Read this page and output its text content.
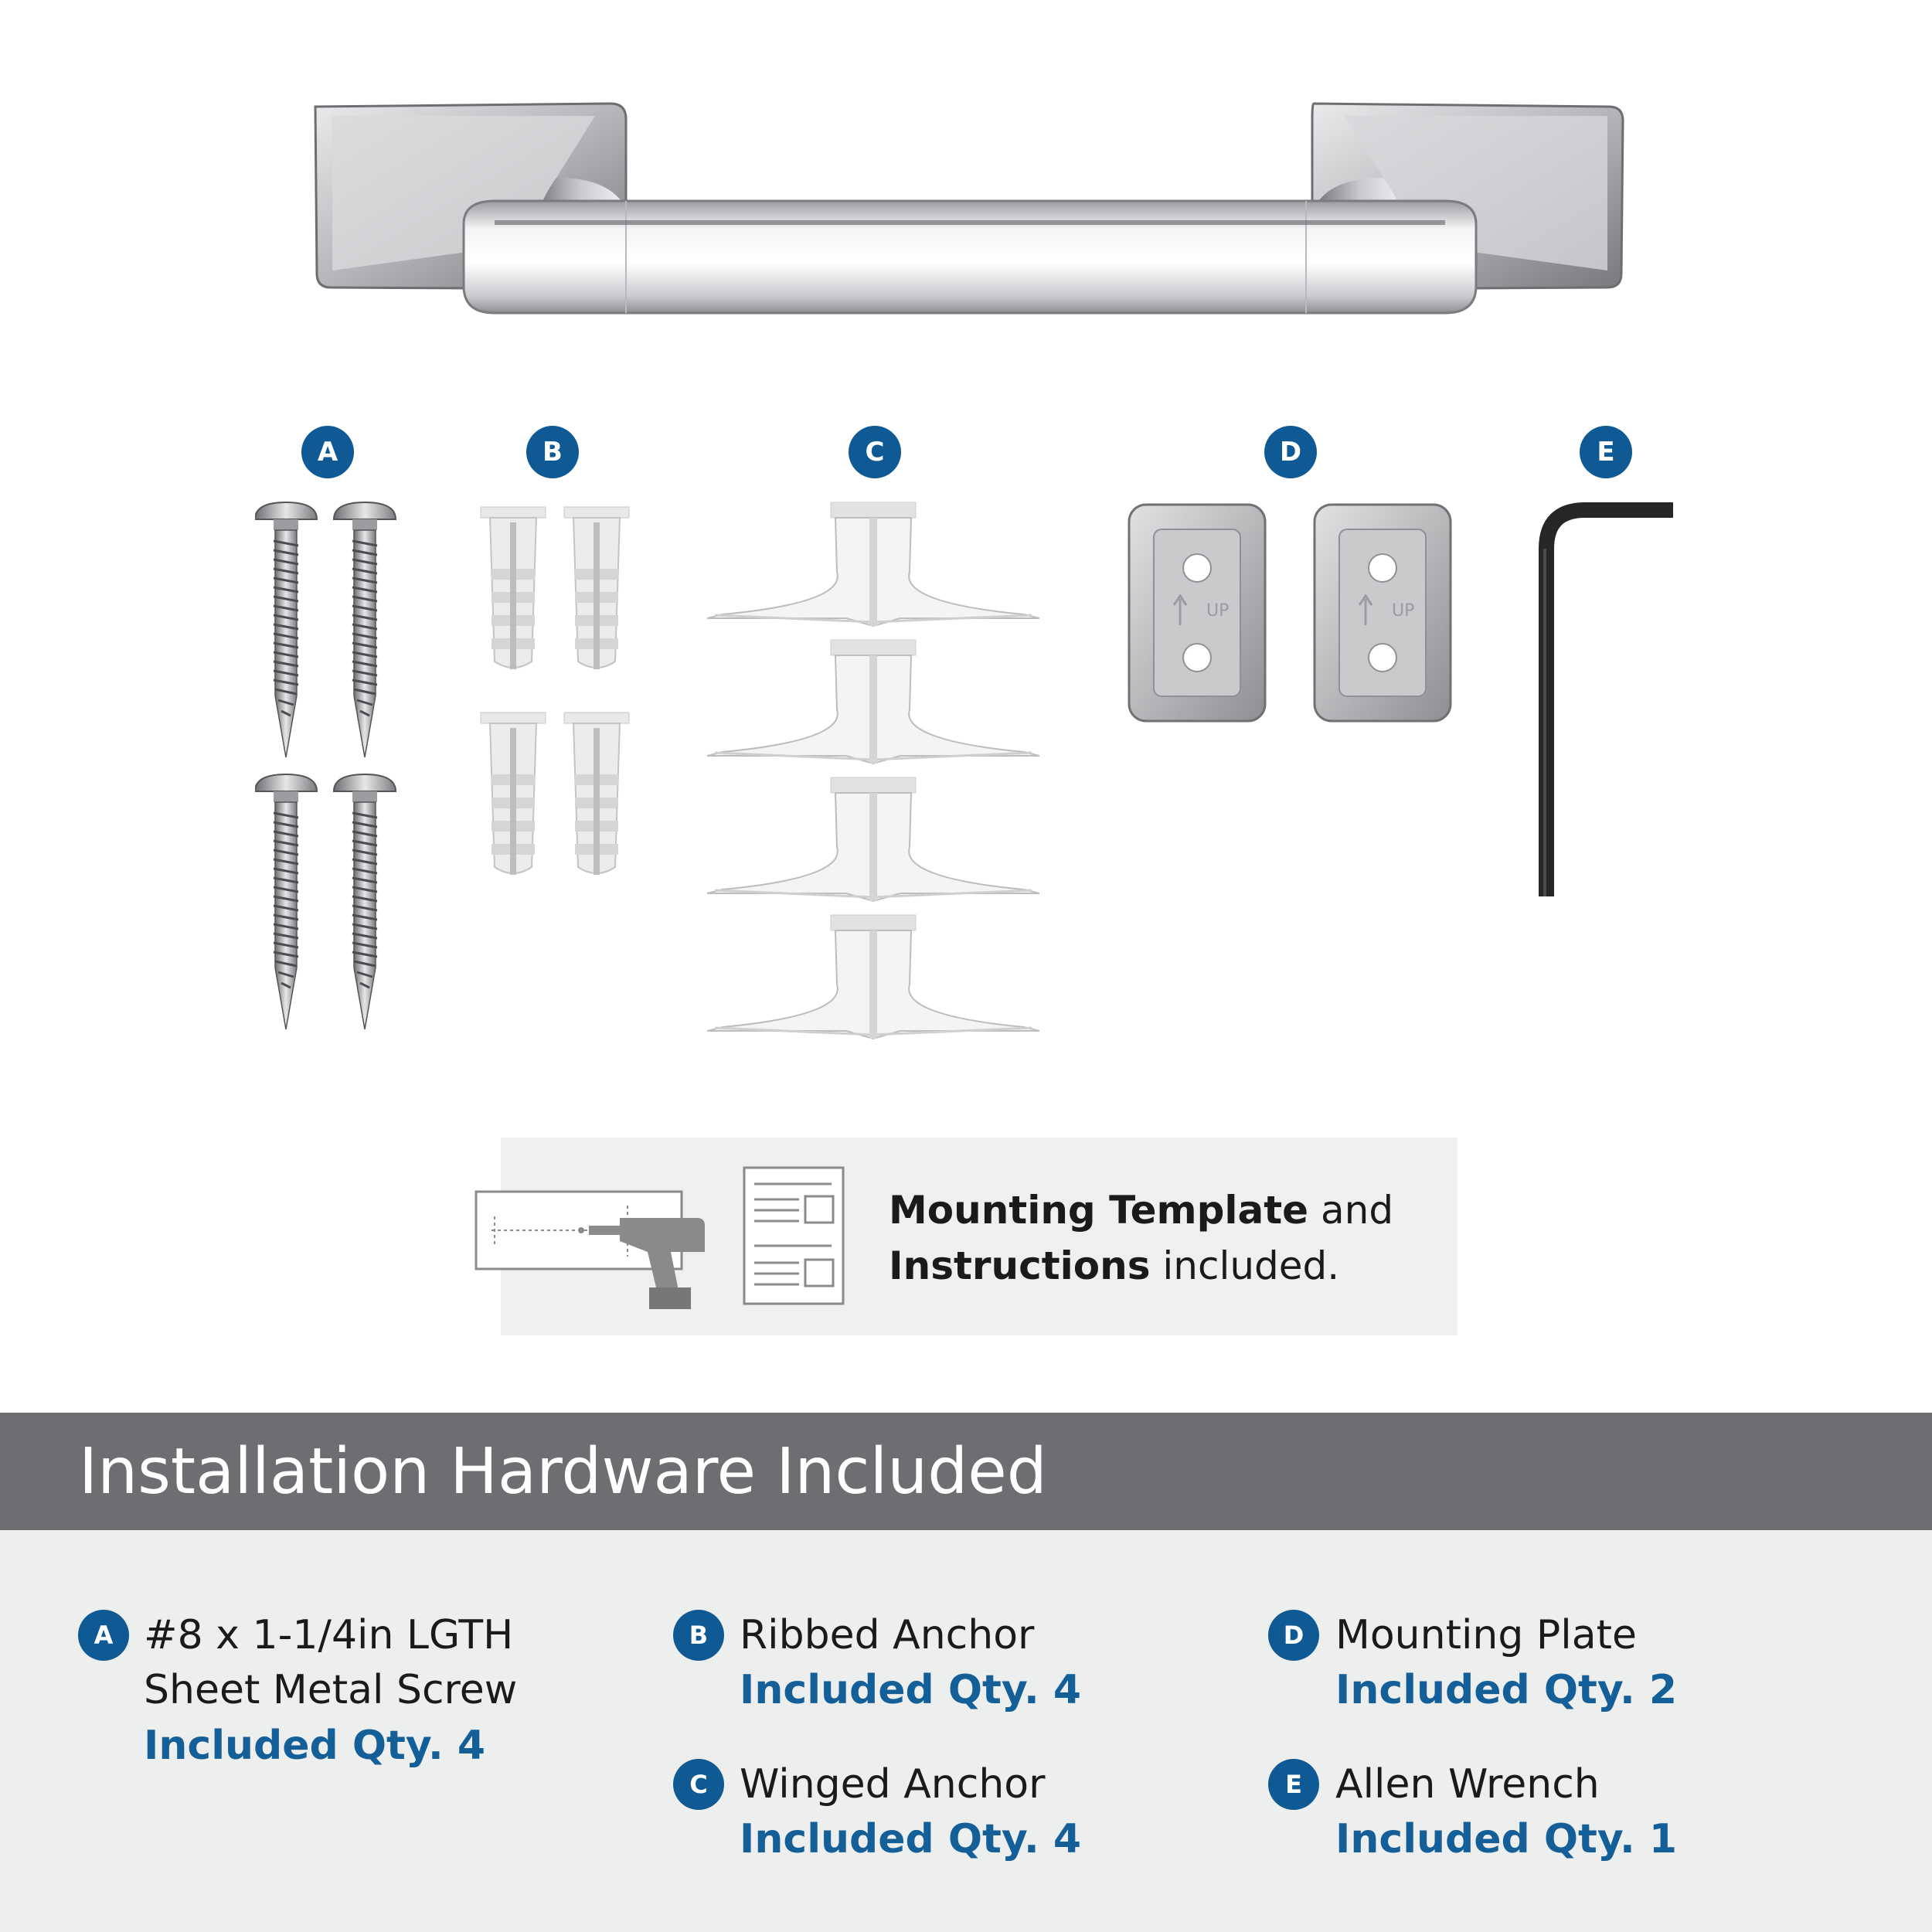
A	B	C	D	E
UP	UP
Mounting Template and
Instructions included.
Installation Hardware Included
A #8 x 1-1/4in LGTH
Sheet Metal Screw
Included Qty. 4
B Ribbed Anchor
Included Qty. 4
C Winged Anchor
Included Qty. 4
D Mounting Plate
Included Qty. 2
E Allen Wrench
Included Qty. 1
